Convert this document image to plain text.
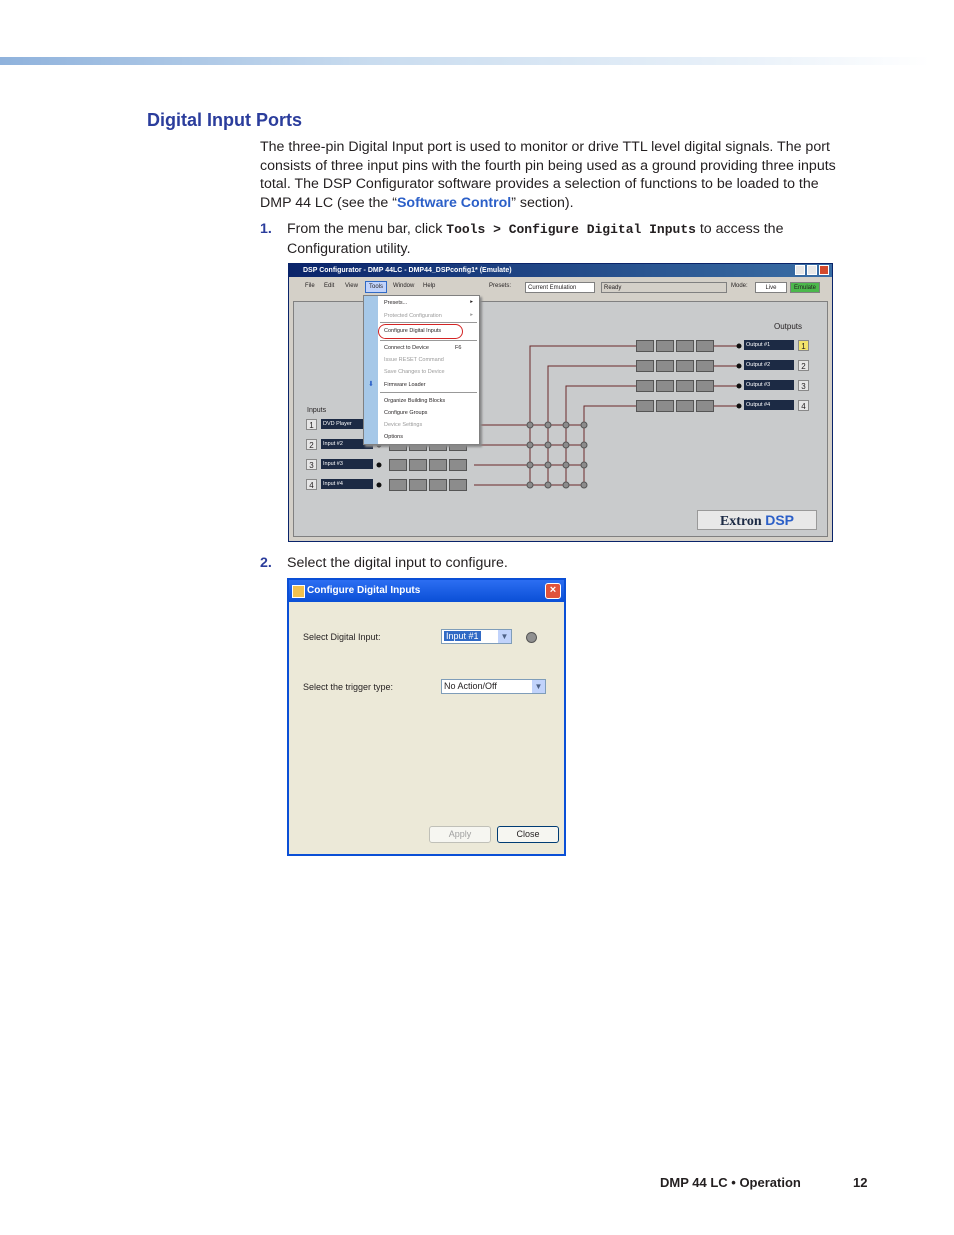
Digital Input Ports
The three-pin Digital Input port is used to monitor or drive TTL level digital signals. The port consists of three input pins with the fourth pin being used as a ground providing three inputs total. The DSP Configurator software provides a selection of functions to be loaded to the DMP 44 LC (see the “Software Control” section).
1. From the menu bar, click Tools > Configure Digital Inputs to access the Configuration utility.
DSP Configurator - DMP 44LC - DMP44_DSPconfig1* (Emulate)
File Edit View	Tools	Window Help	Presets:	Current Emulation	Ready	Mode:	Live	Emulate
Inputs
Outputs
1	DVD Player
2	Input #2
3	Input #3
4	Input #4
Output #1	1
Output #2	2
Output #3	3
Output #4	4
Extron DSP
Presets...	▸
Protected Configuration	▸
Configure Digital Inputs
Connect to Device	F6
Issue RESET Command
Save Changes to Device
⬇ Firmware Loader
Organize Building Blocks
Configure Groups
Device Settings
Options
2. Select the digital input to configure.
Configure Digital Inputs	×
Select Digital Input:	Input #1	▼
Select the trigger type:	No Action/Off	▼
Apply	Close
DMP 44 LC • Operation	12
